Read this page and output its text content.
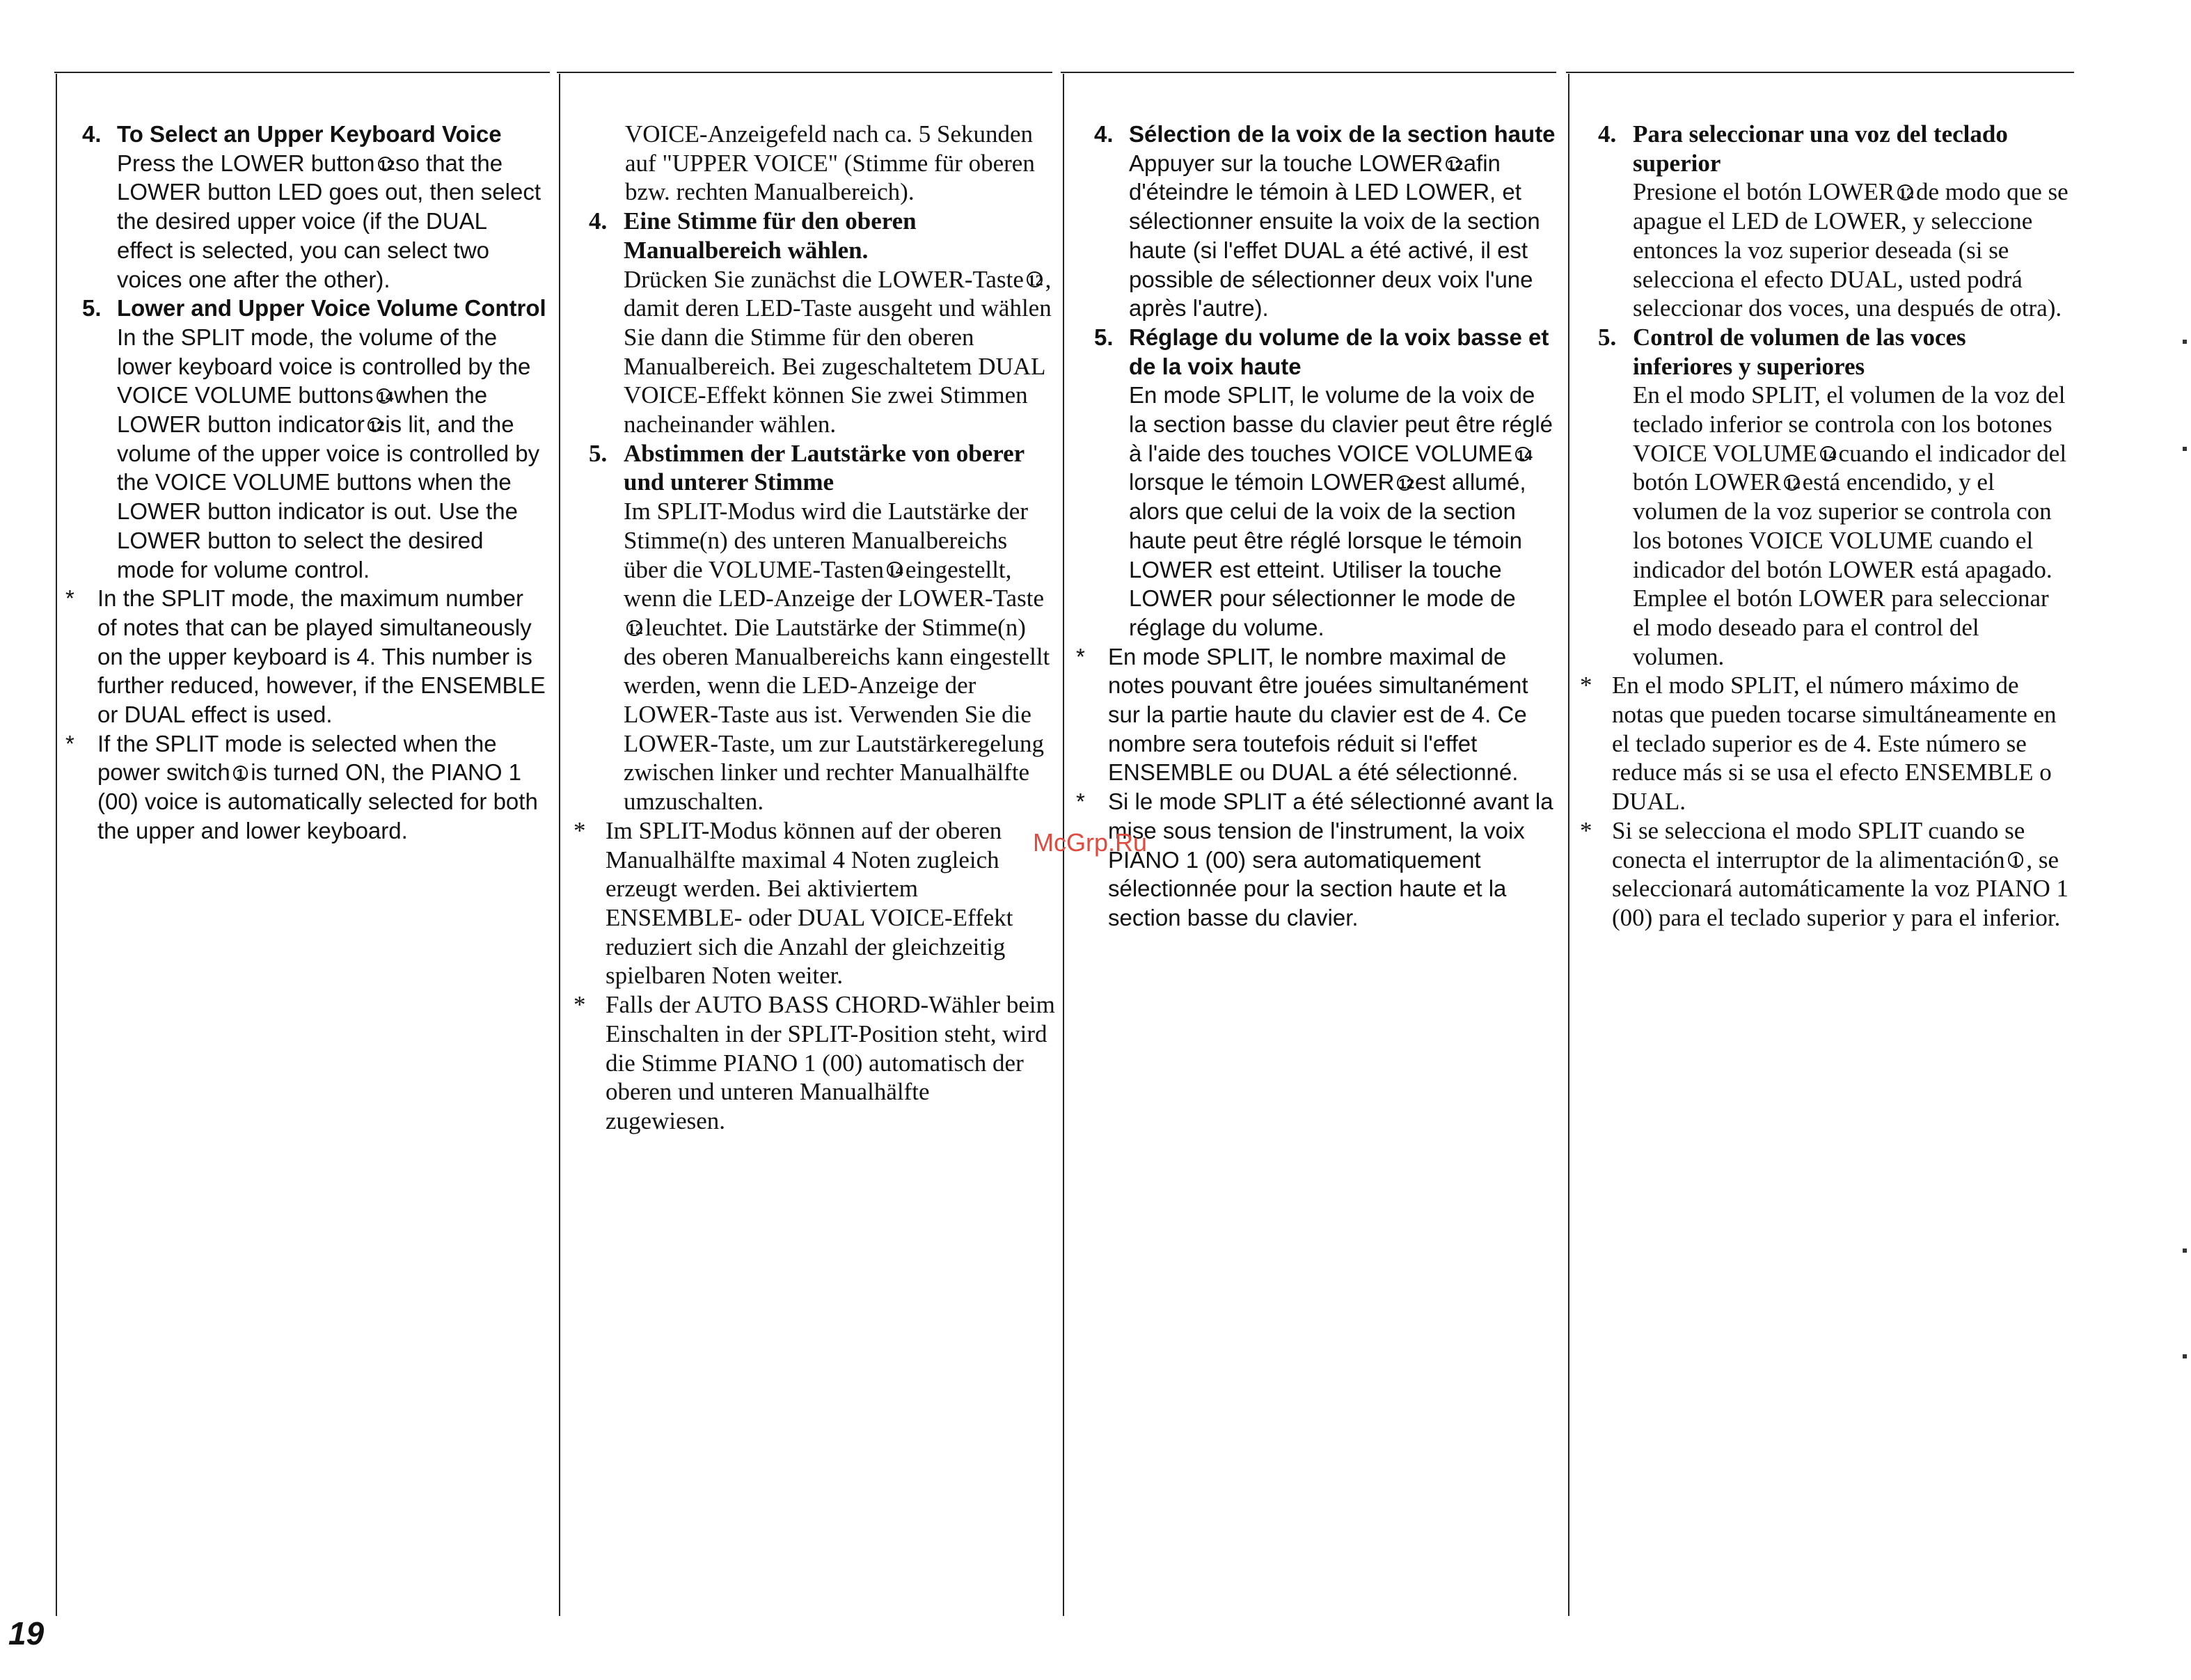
4. To Select an Upper Keyboard Voice
Press the LOWER button 12so that the LOWER button LED goes out, then select the desired upper voice (if the DUAL effect is selected, you can select two voices one after the other).
5. Lower and Upper Voice Volume Control
In the SPLIT mode, the volume of the lower keyboard voice is controlled by the VOICE VOLUME buttons 14when the LOWER button indicator 12is lit, and the volume of the upper voice is controlled by the VOICE VOLUME buttons when the LOWER button indicator is out. Use the LOWER button to select the desired mode for volume control.
*	In the SPLIT mode, the maximum number of notes that can be played simultaneously on the upper keyboard is 4. This number is further reduced, however, if the ENSEMBLE or DUAL effect is used.
*	If the SPLIT mode is selected when the power switch 1 is turned ON, the PIANO 1 (00) voice is automatically selected for both the upper and lower keyboard.
VOICE-Anzeigefeld nach ca. 5 Sekunden auf "UPPER VOICE" (Stimme für oberen bzw. rechten Manualbereich).
4. Eine Stimme für den oberen Manualbereich wählen.
Drücken Sie zunächst die LOWER-Taste 12, damit deren LED-Taste ausgeht und wählen Sie dann die Stimme für den oberen Manualbereich. Bei zugeschaltetem DUAL VOICE-Effekt können Sie zwei Stimmen nacheinander wählen.
5. Abstimmen der Lautstärke von oberer und unterer Stimme
Im SPLIT-Modus wird die Lautstärke der Stimme(n) des unteren Manualbereichs über die VOLUME-Tasten 14eingestellt, wenn die LED-Anzeige der LOWER-Taste12leuchtet. Die Lautstärke der Stimme(n) des oberen Manualbereichs kann eingestellt werden, wenn die LED-Anzeige der LOWER-Taste aus ist. Verwenden Sie die LOWER-Taste, um zur Lautstärkeregelung zwischen linker und rechter Manualhälfte umzuschalten.
* Im SPLIT-Modus können auf der oberen Manualhälfte maximal 4 Noten zugleich erzeugt werden. Bei aktiviertem ENSEMBLE- oder DUAL VOICE-Effekt reduziert sich die Anzahl der gleichzeitig spielbaren Noten weiter.
* Falls der AUTO BASS CHORD-Wähler beim Einschalten in der SPLIT-Position steht, wird die Stimme PIANO 1 (00) automatisch der oberen und unteren Manualhälfte zugewiesen.
4. Sélection de la voix de la section haute
Appuyer sur la touche LOWER 12afin d'éteindre le témoin à LED LOWER, et sélectionner ensuite la voix de la section haute (si l'effet DUAL a été activé, il est possible de sélectionner deux voix l'une après l'autre).
5. Réglage du volume de la voix basse et de la voix haute
En mode SPLIT, le volume de la voix de la section basse du clavier peut être réglé à l'aide des touches VOICE VOLUME 14lorsque le témoin LOWER 12est allumé, alors que celui de la voix de la section haute peut être réglé lorsque le témoin LOWER est etteint. Utiliser la touche LOWER pour sélectionner le mode de réglage du volume.
*	En mode SPLIT, le nombre maximal de notes pouvant être jouées simultanément sur la partie haute du clavier est de 4. Ce nombre sera toutefois réduit si l'effet ENSEMBLE ou DUAL a été sélectionné.
*	Si le mode SPLIT a été sélectionné avant la mise sous tension de l'instrument, la voix PIANO 1 (00) sera automatiquement sélectionnée pour la section haute et la section basse du clavier.
4. Para seleccionar una voz del teclado superior
Presione el botón LOWER 12de modo que se apague el LED de LOWER, y seleccione entonces la voz superior deseada (si se selecciona el efecto DUAL, usted podrá seleccionar dos voces, una después de otra).
5. Control de volumen de las voces inferiores y superiores
En el modo SPLIT, el volumen de la voz del teclado inferior se controla con los botones VOICE VOLUME 14cuando el indicador del botón LOWER 12está encendido, y el volumen de la voz superior se controla con los botones VOICE VOLUME cuando el indicador del botón LOWER está apagado. Emplee el botón LOWER para seleccionar el modo deseado para el control del volumen.
* En el modo SPLIT, el número máximo de notas que pueden tocarse simultáneamente en el teclado superior es de 4. Este número se reduce más si se usa el efecto ENSEMBLE o DUAL.
* Si se selecciona el modo SPLIT cuando se conecta el interruptor de la alimentación 1 , se seleccionará automáticamente la voz PIANO 1 (00) para el teclado superior y para el inferior.
McGrp.Ru
19
